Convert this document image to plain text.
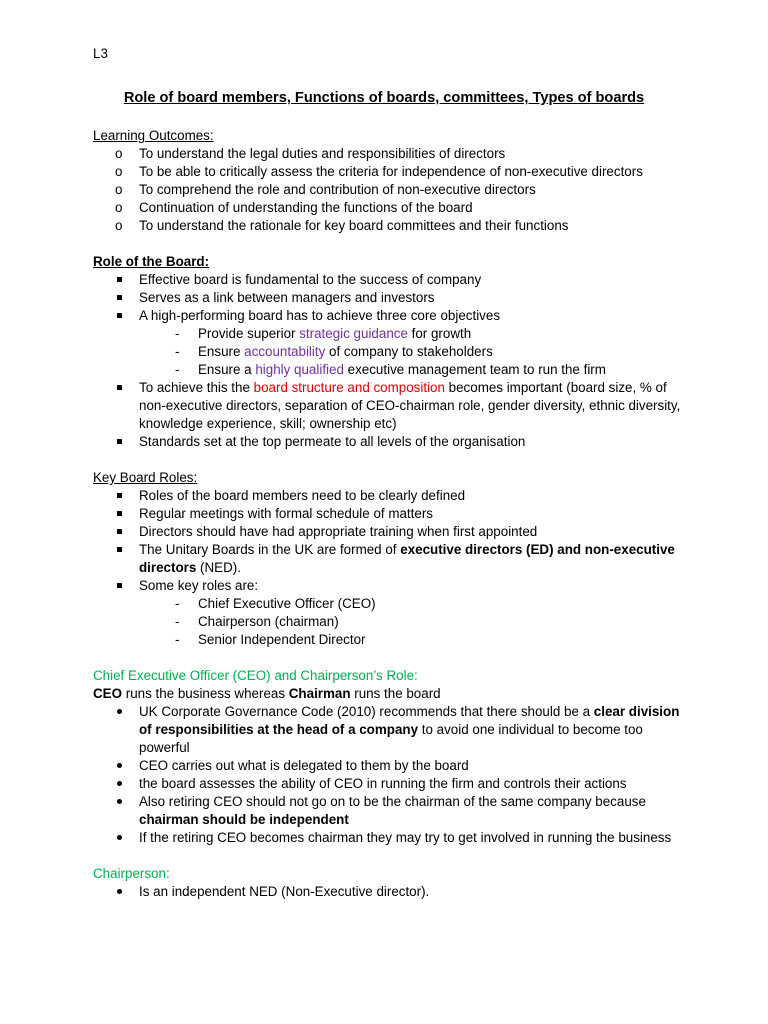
L3
Role of board members, Functions of boards, committees, Types of boards
Learning Outcomes:
o
To understand the legal duties and responsibilities of directors
o
To be able to critically assess the criteria for independence of non-executive directors
o
To comprehend the role and contribution of non-executive directors
o
Continuation of understanding the functions of the board
o
To understand the rationale for key board committees and their functions
Role of the Board:
Effective board is fundamental to the success of company
Serves as a link between managers and investors
A high-performing board has to achieve three core objectives
-
Provide superior strategic guidance for growth
-
Ensure accountability of company to stakeholders
-
Ensure a highly qualified executive management team to run the firm
To achieve this the board structure and composition becomes important (board size, % of non-executive directors, separation of CEO-chairman role, gender diversity, ethnic diversity, knowledge experience, skill; ownership etc)
Standards set at the top permeate to all levels of the organisation
Key Board Roles:
Roles of the board members need to be clearly defined
Regular meetings with formal schedule of matters
Directors should have had appropriate training when first appointed
The Unitary Boards in the UK are formed of executive directors (ED) and non-executive directors (NED).
Some key roles are:
-
Chief Executive Officer (CEO)
-
Chairperson (chairman)
-
Senior Independent Director
Chief Executive Officer (CEO) and Chairperson’s Role:
CEO runs the business whereas Chairman runs the board
UK Corporate Governance Code (2010) recommends that there should be a clear division of responsibilities at the head of a company to avoid one individual to become too powerful
CEO carries out what is delegated to them by the board
the board assesses the ability of CEO in running the firm and controls their actions
Also retiring CEO should not go on to be the chairman of the same company because chairman should be independent
If the retiring CEO becomes chairman they may try to get involved in running the business
Chairperson:
Is an independent NED (Non-Executive director).
